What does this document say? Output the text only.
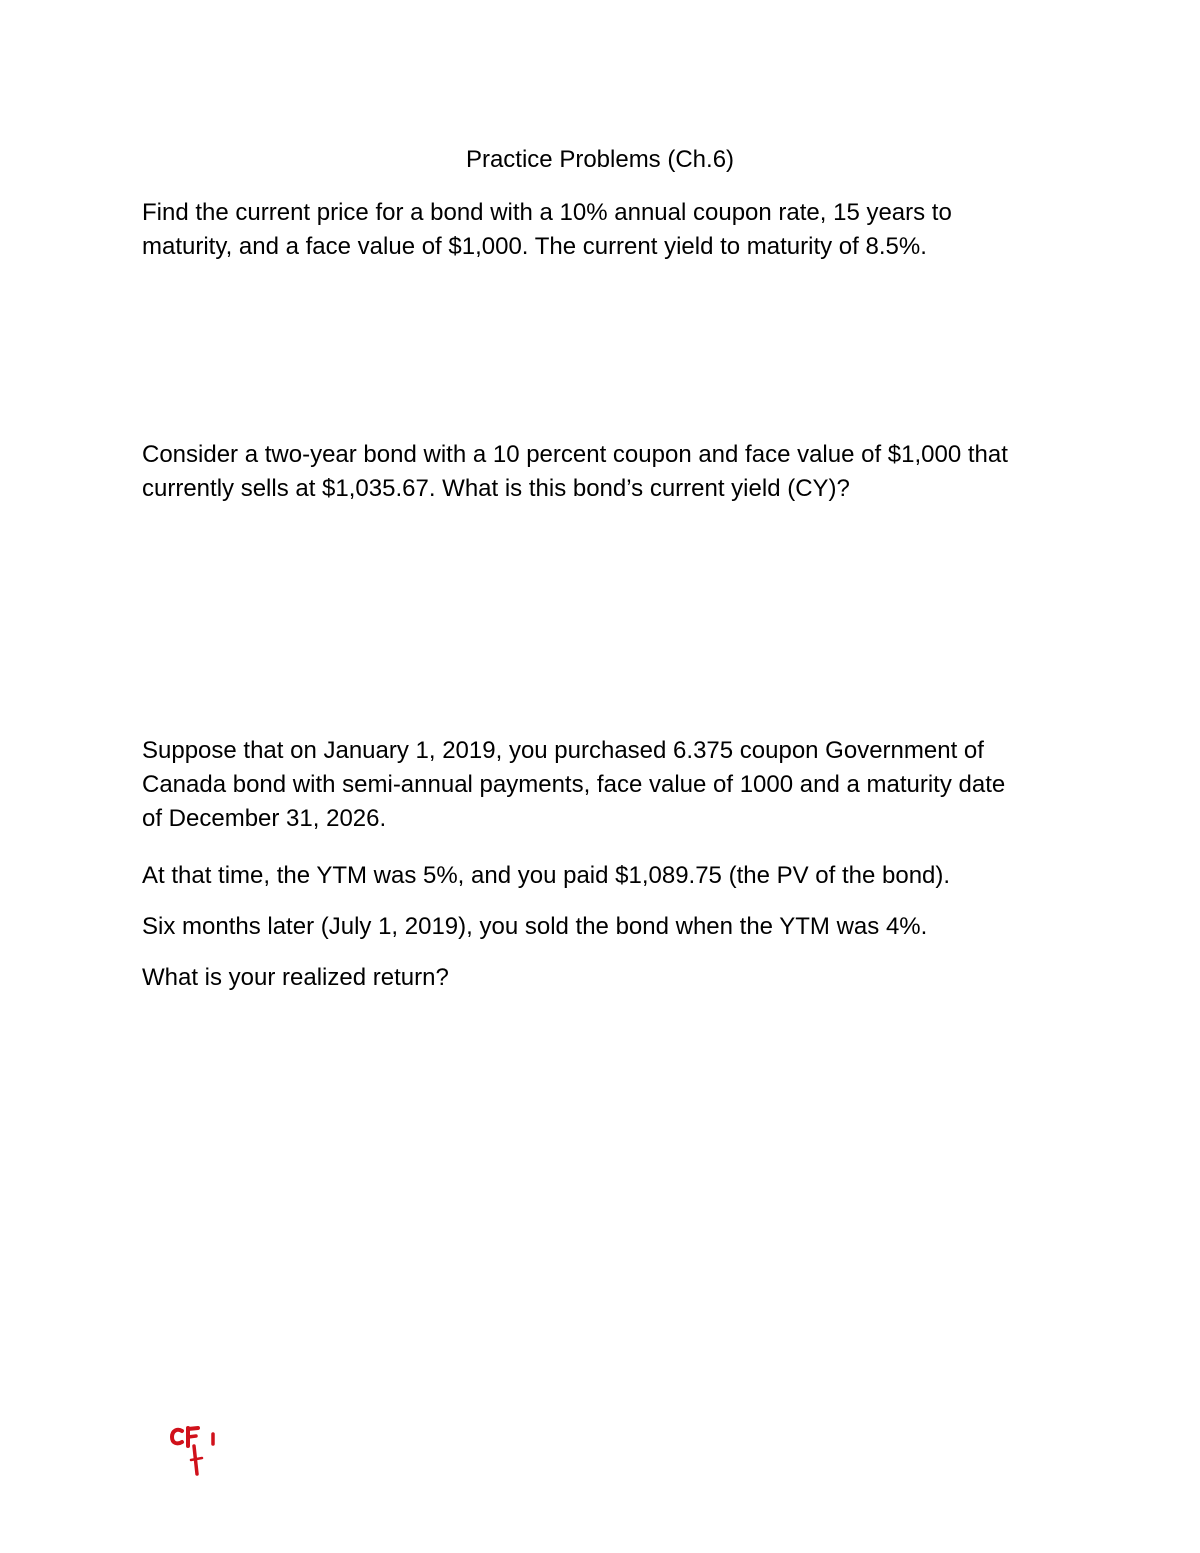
Practice Problems (Ch.6)

Find the current price for a bond with a 10% annual coupon rate, 15 years to
maturity, and a face value of $1,000. The current yield to maturity of 8.5%.

Consider a two-year bond with a 10 percent coupon and face value of $1,000 that
currently sells at $1,035.67. What is this bond’s current yield (CY)?

Suppose that on January 1, 2019, you purchased 6.375 coupon Government of
Canada bond with semi-annual payments, face value of 1000 and a maturity date
of December 31, 2026.

At that time, the YTM was 5%, and you paid $1,089.75 (the PV of the bond).

Six months later (July 1, 2019), you sold the bond when the YTM was 4%.

What is your realized return?
